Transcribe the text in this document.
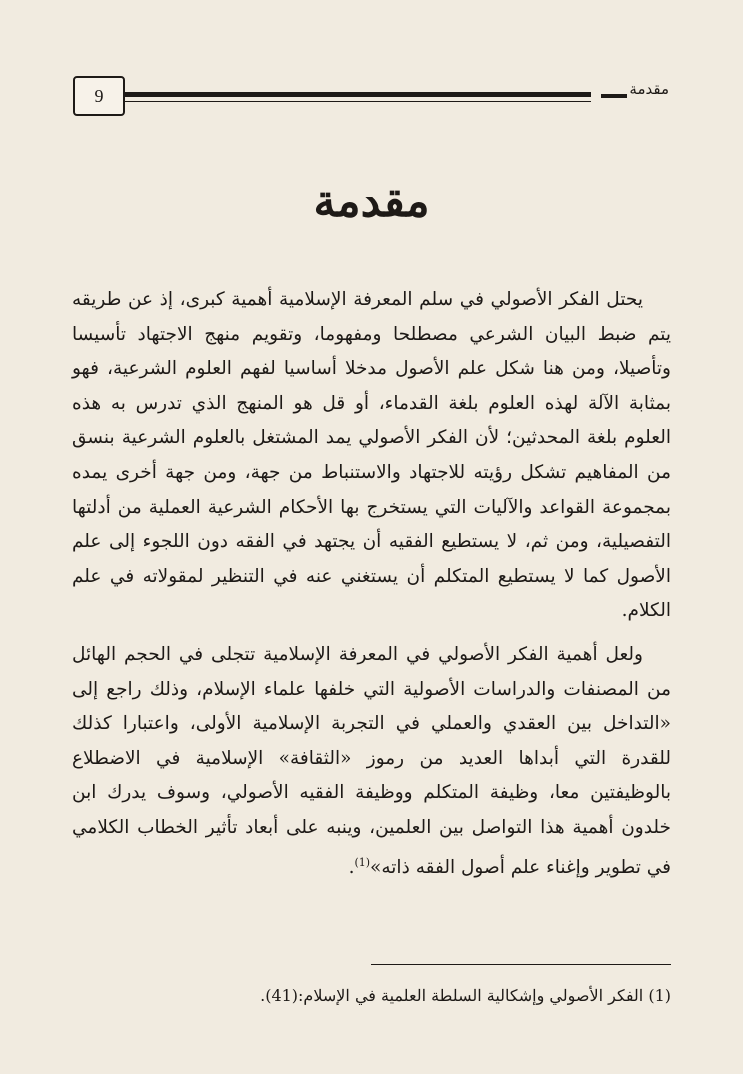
9	مقدمة
مقدمة

يحتل الفكر الأصولي في سلم المعرفة الإسلامية أهمية كبرى، إذ عن طريقه يتم ضبط البيان الشرعي مصطلحا ومفهوما، وتقويم منهج الاجتهاد تأسيسا وتأصيلا، ومن هنا شكل علم الأصول مدخلا أساسيا لفهم العلوم الشرعية، فهو بمثابة الآلة لهذه العلوم بلغة القدماء، أو قل هو المنهج الذي تدرس به هذه العلوم بلغة المحدثين؛ لأن الفكر الأصولي يمد المشتغل بالعلوم الشرعية بنسق من المفاهيم تشكل رؤيته للاجتهاد والاستنباط من جهة، ومن جهة أخرى يمده بمجموعة القواعد والآليات التي يستخرج بها الأحكام الشرعية العملية من أدلتها التفصيلية، ومن ثم، لا يستطيع الفقيه أن يجتهد في الفقه دون اللجوء إلى علم الأصول كما لا يستطيع المتكلم أن يستغني عنه في التنظير لمقولاته في علم الكلام.

ولعل أهمية الفكر الأصولي في المعرفة الإسلامية تتجلى في الحجم الهائل من المصنفات والدراسات الأصولية التي خلفها علماء الإسلام، وذلك راجع إلى «التداخل بين العقدي والعملي في التجربة الإسلامية الأولى، واعتبارا كذلك للقدرة التي أبداها العديد من رموز «الثقافة» الإسلامية في الاضطلاع بالوظيفتين معا، وظيفة المتكلم ووظيفة الفقيه الأصولي، وسوف يدرك ابن خلدون أهمية هذا التواصل بين العلمين، وينبه على أبعاد تأثير الخطاب الكلامي في تطوير وإغناء علم أصول الفقه ذاته»$^{(1)}$.

(1) الفكر الأصولي وإشكالية السلطة العلمية في الإسلام:(41).
